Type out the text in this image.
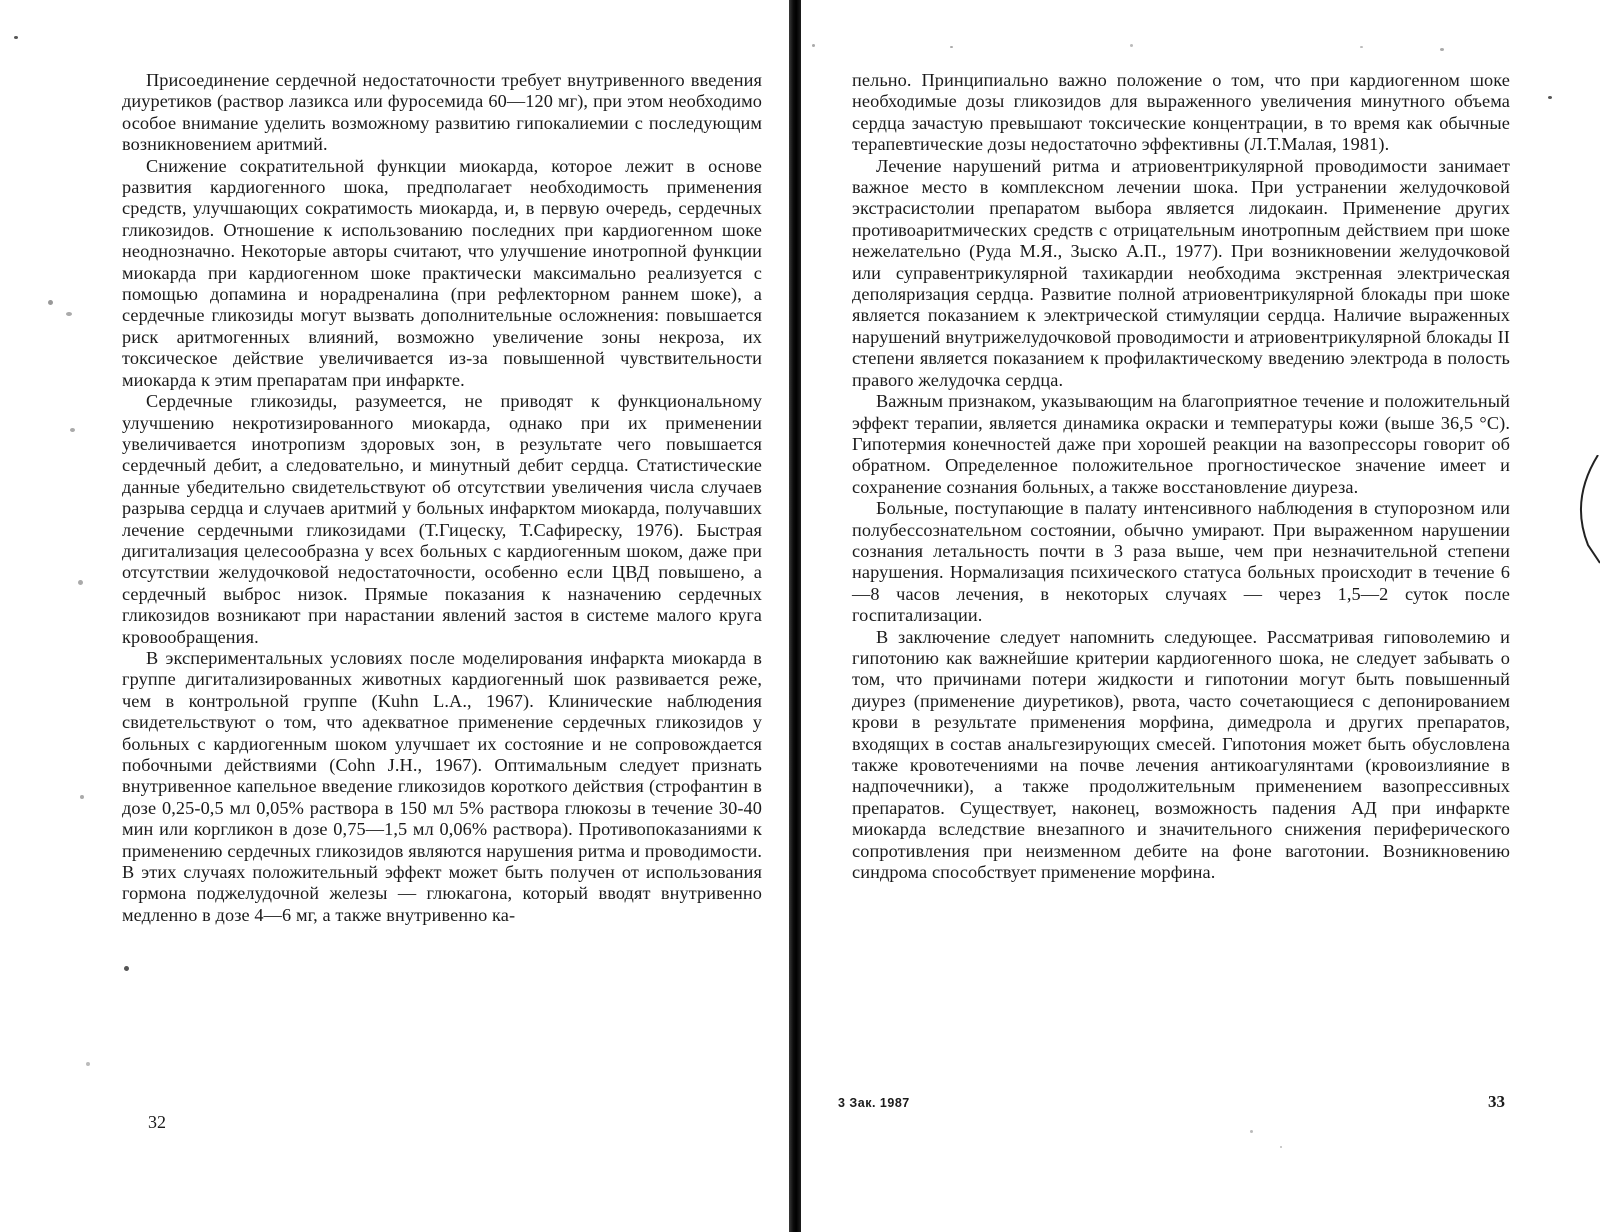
Присоединение сердечной недостаточности требует внутривенного введения диуретиков (раствор лазикса или фуросемида 60—120 мг), при этом необходимо особое внимание уделить возможному развитию гипокалиемии с последующим возникновением аритмий.

Снижение сократительной функции миокарда, которое лежит в основе развития кардиогенного шока, предполагает необходимость применения средств, улучшающих сократимость миокарда, и, в первую очередь, сердечных гликозидов. Отношение к использованию последних при кардиогенном шоке неоднозначно. Некоторые авторы считают, что улучшение инотропной функции миокарда при кардиогенном шоке практически максимально реализуется с помощью допамина и норадреналина (при рефлекторном раннем шоке), а сердечные гликозиды могут вызвать дополнительные осложнения: повышается риск аритмогенных влияний, возможно увеличение зоны некроза, их токсическое действие увеличивается из-за повышенной чувствительности миокарда к этим препаратам при инфаркте.

Сердечные гликозиды, разумеется, не приводят к функциональному улучшению некротизированного миокарда, однако при их применении увеличивается инотропизм здоровых зон, в результате чего повышается сердечный дебит, а следовательно, и минутный дебит сердца. Статистические данные убедительно свидетельствуют об отсутствии увеличения числа случаев разрыва сердца и случаев аритмий у больных инфарктом миокарда, получавших лечение сердечными гликозидами (Т.Гицеску, Т.Сафиреску, 1976). Быстрая дигитализация целесообразна у всех больных с кардиогенным шоком, даже при отсутствии желудочковой недостаточности, особенно если ЦВД повышено, а сердечный выброс низок. Прямые показания к назначению сердечных гликозидов возникают при нарастании явлений застоя в системе малого круга кровообращения.

В экспериментальных условиях после моделирования инфаркта миокарда в группе дигитализированных животных кардиогенный шок развивается реже, чем в контрольной группе (Kuhn L.A., 1967). Клинические наблюдения свидетельствуют о том, что адекватное применение сердечных гликозидов у больных с кардиогенным шоком улучшает их состояние и не сопровождается побочными действиями (Cohn J.H., 1967). Оптимальным следует признать внутривенное капельное введение гликозидов короткого действия (строфантин в дозе 0,25-0,5 мл 0,05% раствора в 150 мл 5% раствора глюкозы в течение 30-40 мин или коргликон в дозе 0,75—1,5 мл 0,06% раствора). Противопоказаниями к применению сердечных гликозидов являются нарушения ритма и проводимости. В этих случаях положительный эффект может быть получен от использования гормона поджелудочной железы — глюкагона, который вводят внутривенно медленно в дозе 4—6 мг, а также внутривенно ка-

32

пельно. Принципиально важно положение о том, что при кардиогенном шоке необходимые дозы гликозидов для выраженного увеличения минутного объема сердца зачастую превышают токсические концентрации, в то время как обычные терапевтические дозы недостаточно эффективны (Л.Т.Малая, 1981).

Лечение нарушений ритма и атриовентрикулярной проводимости занимает важное место в комплексном лечении шока. При устранении желудочковой экстрасистолии препаратом выбора является лидокаин. Применение других противоаритмических средств с отрицательным инотропным действием при шоке нежелательно (Руда М.Я., Зыско А.П., 1977). При возникновении желудочковой или суправентрикулярной тахикардии необходима экстренная электрическая деполяризация сердца. Развитие полной атриовентрикулярной блокады при шоке является показанием к электрической стимуляции сердца. Наличие выраженных нарушений внутрижелудочковой проводимости и атриовентрикулярной блокады II степени является показанием к профилактическому введению электрода в полость правого желудочка сердца.

Важным признаком, указывающим на благоприятное течение и положительный эффект терапии, является динамика окраски и температуры кожи (выше 36,5 °С). Гипотермия конечностей даже при хорошей реакции на вазопрессоры говорит об обратном. Определенное положительное прогностическое значение имеет и сохранение сознания больных, а также восстановление диуреза.

Больные, поступающие в палату интенсивного наблюдения в ступорозном или полубессознательном состоянии, обычно умирают. При выраженном нарушении сознания летальность почти в 3 раза выше, чем при незначительной степени нарушения. Нормализация психического статуса больных происходит в течение 6—8 часов лечения, в некоторых случаях — через 1,5—2 суток после госпитализации.

В заключение следует напомнить следующее. Рассматривая гиповолемию и гипотонию как важнейшие критерии кардиогенного шока, не следует забывать о том, что причинами потери жидкости и гипотонии могут быть повышенный диурез (применение диуретиков), рвота, часто сочетающиеся с депонированием крови в результате применения морфина, димедрола и других препаратов, входящих в состав анальгезирующих смесей. Гипотония может быть обусловлена также кровотечениями на почве лечения антикоагулянтами (кровоизлияние в надпочечники), а также продолжительным применением вазопрессивных препаратов. Существует, наконец, возможность падения АД при инфаркте миокарда вследствие внезапного и значительного снижения периферического сопротивления при неизменном дебите на фоне ваготонии. Возникновению синдрома способствует применение морфина.

3 Зак. 1987	33
